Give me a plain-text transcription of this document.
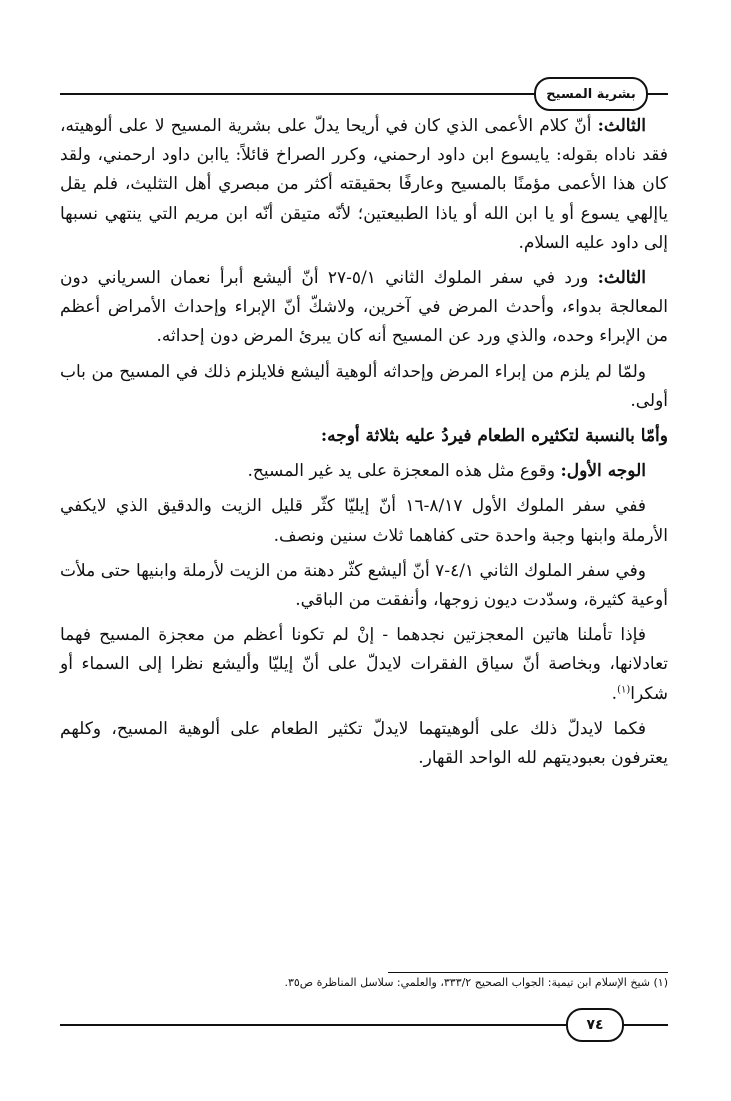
بشرية المسيح

الثالث: أنّ كلام الأعمى الذي كان في أريحا يدلّ على بشرية المسيح لا على ألوهيته، فقد ناداه بقوله: يايسوع ابن داود ارحمني، وكرر الصراخ قائلاً: ياابن داود ارحمني، ولقد كان هذا الأعمى مؤمنًا بالمسيح وعارفًا بحقيقته أكثر من مبصري أهل التثليث، فلم يقل ياإلهي يسوع أو يا ابن الله أو ياذا الطبيعتين؛ لأنّه متيقن أنّه ابن مريم التي ينتهي نسبها إلى داود عليه السلام.

الثالث: ورد في سفر الملوك الثاني ٥/١-٢٧ أنّ أليشع أبرأ نعمان السرياني دون المعالجة بدواء، وأحدث المرض في آخرين، ولاشكّ أنّ الإبراء وإحداث الأمراض أعظم من الإبراء وحده، والذي ورد عن المسيح أنه كان يبرئ المرض دون إحداثه.

ولمّا لم يلزم من إبراء المرض وإحداثه ألوهية أليشع فلايلزم ذلك في المسيح من باب أولى.

وأمّا بالنسبة لتكثيره الطعام فيردُ عليه بثلاثة أوجه:

الوجه الأول: وقوع مثل هذه المعجزة على يد غير المسيح.

ففي سفر الملوك الأول ٨/١٧-١٦ أنّ إيليّا كثّر قليل الزيت والدقيق الذي لايكفي الأرملة وابنها وجبة واحدة حتى كفاهما ثلاث سنين ونصف.

وفي سفر الملوك الثاني ٤/١-٧ أنّ أليشع كثّر دهنة من الزيت لأرملة وابنيها حتى ملأت أوعية كثيرة، وسدّدت ديون زوجها، وأنفقت من الباقي.

فإذا تأملنا هاتين المعجزتين نجدهما - إنْ لم تكونا أعظم من معجزة المسيح فهما تعادلانها، وبخاصة أنّ سياق الفقرات لايدلّ على أنّ إيليّا وأليشع نظرا إلى السماء أو شكرا$^{(١)}$.

فكما لايدلّ ذلك على ألوهيتهما لايدلّ تكثير الطعام على ألوهية المسيح، وكلهم يعترفون بعبوديتهم لله الواحد القهار.

(١) شيخ الإسلام ابن تيمية: الجواب الصحيح ٣٣٣/٢، والعلمي: سلاسل المناظرة ص٣٥.
٧٤
